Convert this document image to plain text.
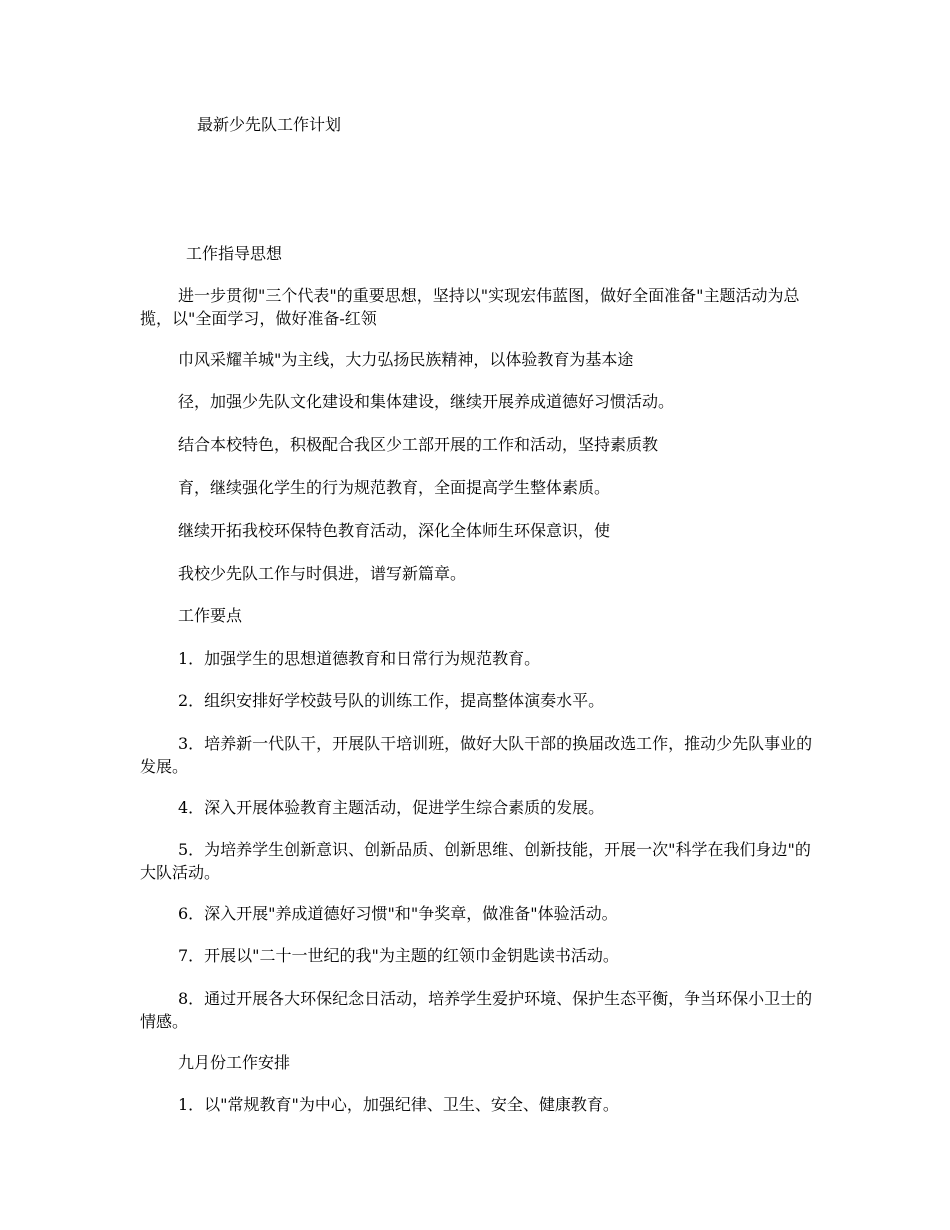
最新少先队工作计划

工作指导思想

进一步贯彻"三个代表"的重要思想，坚持以"实现宏伟蓝图，做好全面准备"主题活动为总揽，以"全面学习，做好准备-红领

巾风采耀羊城"为主线，大力弘扬民族精神，以体验教育为基本途

径，加强少先队文化建设和集体建设，继续开展养成道德好习惯活动。

结合本校特色，积极配合我区少工部开展的工作和活动，坚持素质教

育，继续强化学生的行为规范教育，全面提高学生整体素质。

继续开拓我校环保特色教育活动，深化全体师生环保意识，使

我校少先队工作与时俱进，谱写新篇章。

工作要点

1．加强学生的思想道德教育和日常行为规范教育。

2．组织安排好学校鼓号队的训练工作，提高整体演奏水平。

3．培养新一代队干，开展队干培训班，做好大队干部的换届改选工作，推动少先队事业的发展。

4．深入开展体验教育主题活动，促进学生综合素质的发展。

5．为培养学生创新意识、创新品质、创新思维、创新技能，开展一次"科学在我们身边"的大队活动。

6．深入开展"养成道德好习惯"和"争奖章，做准备"体验活动。

7．开展以"二十一世纪的我"为主题的红领巾金钥匙读书活动。

8．通过开展各大环保纪念日活动，培养学生爱护环境、保护生态平衡，争当环保小卫士的情感。

九月份工作安排

1．以"常规教育"为中心，加强纪律、卫生、安全、健康教育。
